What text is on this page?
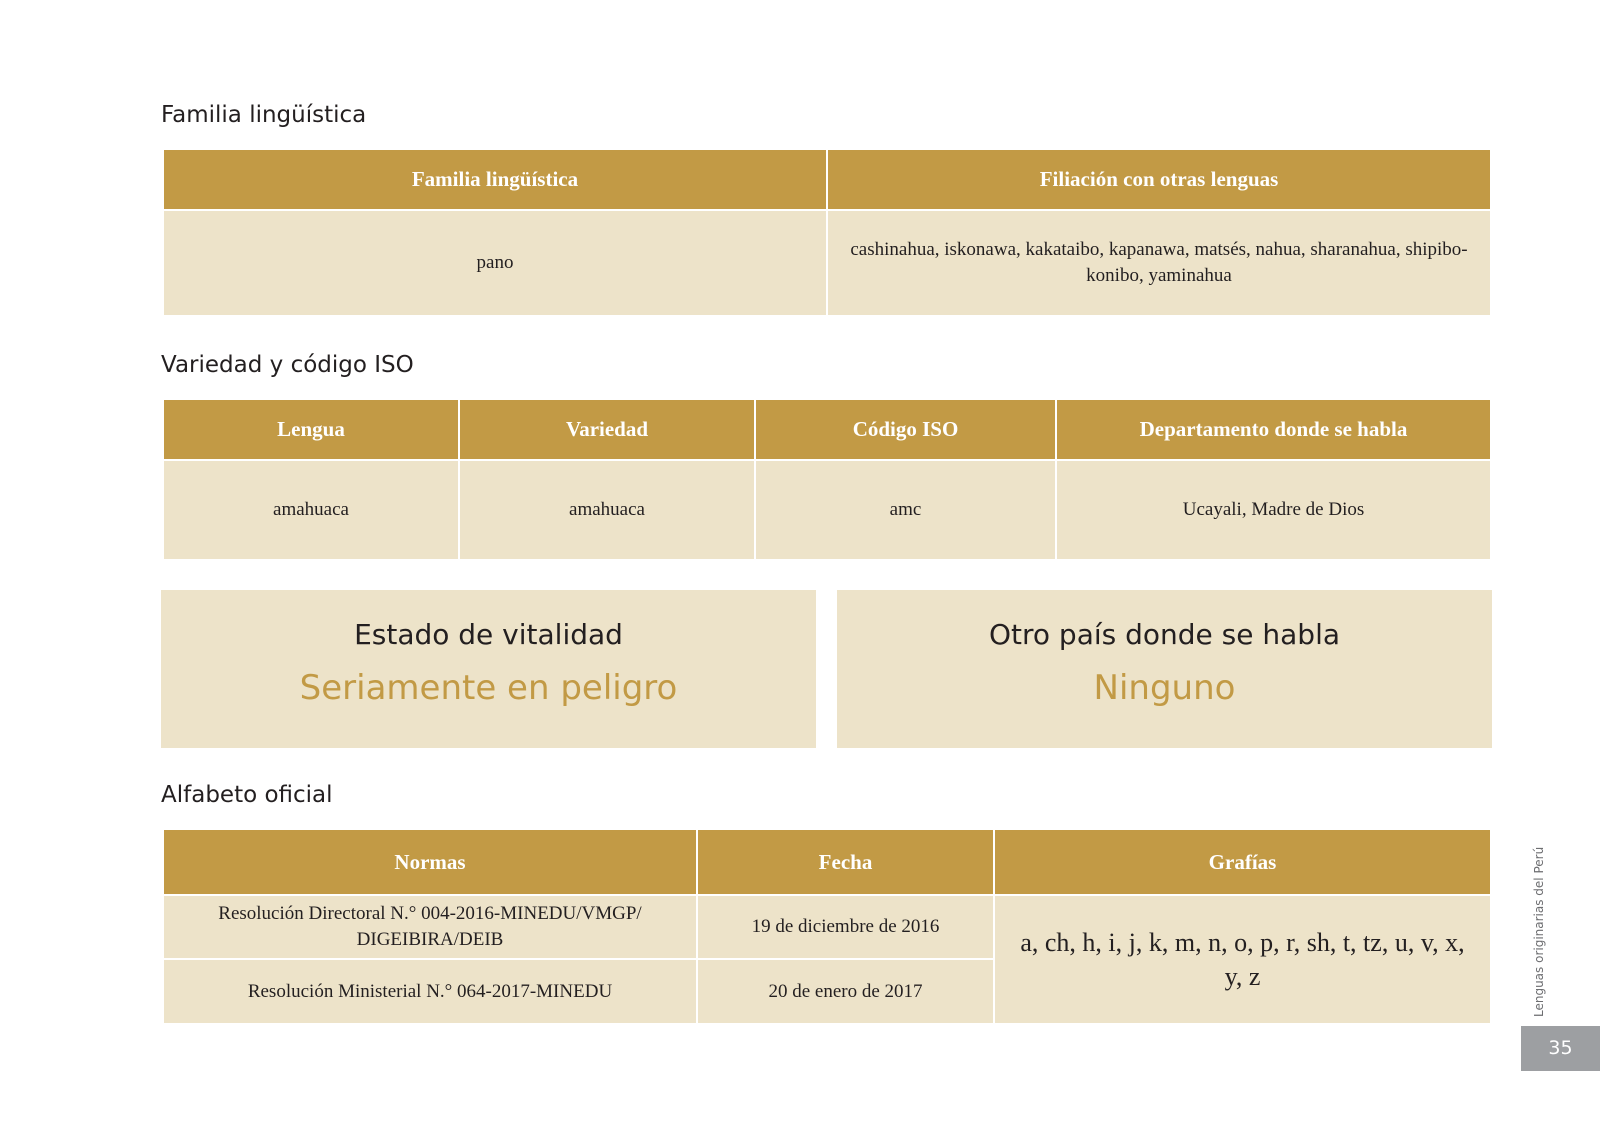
Familia lingüística
Familia lingüística	Filiación con otras lenguas
pano	cashinahua, iskonawa, kakataibo, kapanawa, matsés, nahua, sharanahua, shipibo-konibo, yaminahua
Variedad y código ISO
Lengua	Variedad	Código ISO	Departamento donde se habla
amahuaca	amahuaca	amc	Ucayali, Madre de Dios
Estado de vitalidad
Seriamente en peligro
Otro país donde se habla
Ninguno
Alfabeto oficial
Normas	Fecha	Grafías
Resolución Directoral N.° 004-2016-MINEDU/VMGP/ DIGEIBIRA/DEIB	19 de diciembre de 2016	a, ch, h, i, j, k, m, n, o, p, r, sh, t, tz, u, v, x, y, z
Resolución Ministerial N.° 064-2017-MINEDU	20 de enero de 2017		Lenguas originarias del Perú
35
